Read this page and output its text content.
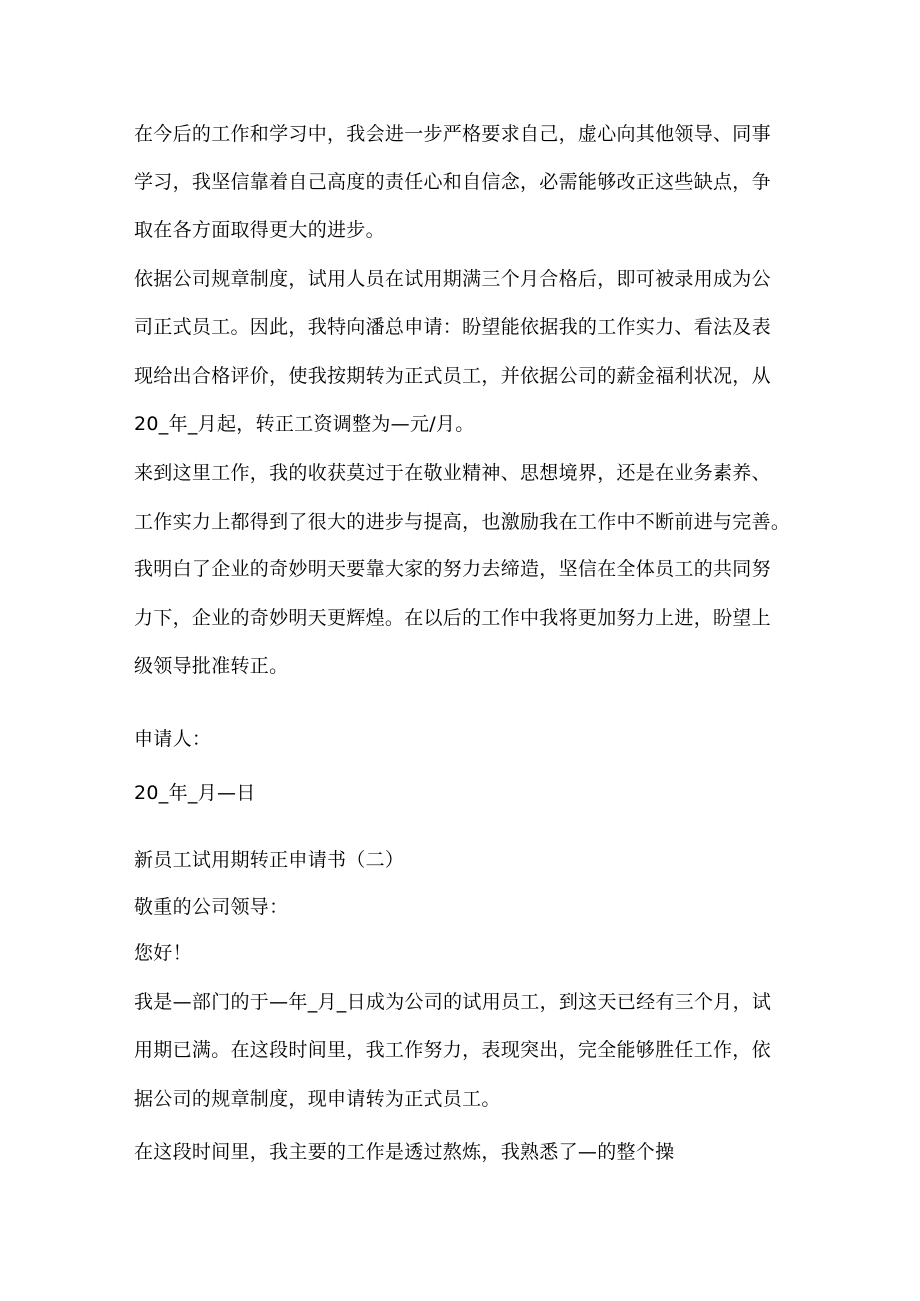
在今后的工作和学习中，我会进一步严格要求自己，虚心向其他领导、同事
学习，我坚信靠着自己高度的责任心和自信念，必需能够改正这些缺点，争
取在各方面取得更大的进步。
依据公司规章制度，试用人员在试用期满三个月合格后，即可被录用成为公
司正式员工。因此，我特向潘总申请：盼望能依据我的工作实力、看法及表
现给出合格评价，使我按期转为正式员工，并依据公司的薪金福利状况，从
20_年_月起，转正工资调整为—元/月。
来到这里工作，我的收获莫过于在敬业精神、思想境界，还是在业务素养、
工作实力上都得到了很大的进步与提高，也激励我在工作中不断前进与完善。
我明白了企业的奇妙明天要靠大家的努力去缔造，坚信在全体员工的共同努
力下，企业的奇妙明天更辉煌。在以后的工作中我将更加努力上进，盼望上
级领导批准转正。
申请人：
20_年_月—日
新员工试用期转正申请书（二）
敬重的公司领导：
您好！
我是—部门的于—年_月_日成为公司的试用员工，到这天已经有三个月，试
用期已满。在这段时间里，我工作努力，表现突出，完全能够胜任工作，依
据公司的规章制度，现申请转为正式员工。
在这段时间里，我主要的工作是透过熬炼，我熟悉了—的整个操
